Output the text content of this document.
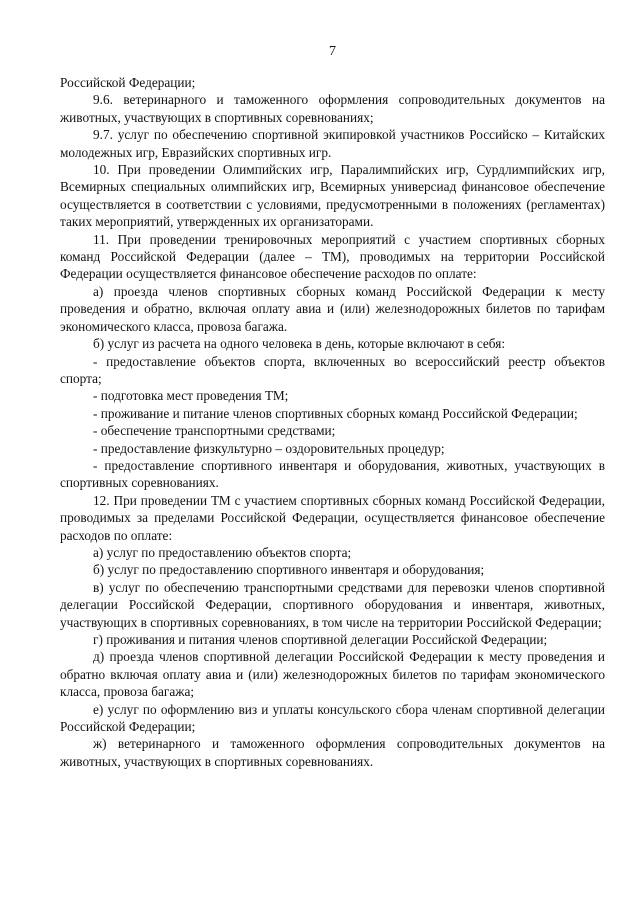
7

Российской Федерации;

9.6. ветеринарного и таможенного оформления сопроводительных документов на животных, участвующих в спортивных соревнованиях;

9.7. услуг по обеспечению спортивной экипировкой участников Российско – Китайских молодежных игр, Евразийских спортивных игр.

10. При проведении Олимпийских игр, Паралимпийских игр, Сурдлимпийских игр, Всемирных специальных олимпийских игр, Всемирных универсиад финансовое обеспечение осуществляется в соответствии с условиями, предусмотренными в положениях (регламентах) таких мероприятий, утвержденных их организаторами.

11. При проведении тренировочных мероприятий с участием спортивных сборных команд Российской Федерации (далее – ТМ), проводимых на территории Российской Федерации осуществляется финансовое обеспечение расходов по оплате:

а) проезда членов спортивных сборных команд Российской Федерации к месту проведения и обратно, включая оплату авиа и (или) железнодорожных билетов по тарифам экономического класса, провоза багажа.

б) услуг из расчета на одного человека в день, которые включают в себя:

- предоставление объектов спорта, включенных во всероссийский реестр объектов спорта;

- подготовка мест проведения ТМ;

- проживание и питание членов спортивных сборных команд Российской Федерации;

- обеспечение транспортными средствами;

- предоставление физкультурно – оздоровительных процедур;

- предоставление спортивного инвентаря и оборудования, животных, участвующих в спортивных соревнованиях.

12. При проведении ТМ с участием спортивных сборных команд Российской Федерации, проводимых за пределами Российской Федерации, осуществляется финансовое обеспечение расходов по оплате:

а) услуг по предоставлению объектов спорта;

б) услуг по предоставлению спортивного инвентаря и оборудования;

в) услуг по обеспечению транспортными средствами для перевозки членов спортивной делегации Российской Федерации, спортивного оборудования и инвентаря, животных, участвующих в спортивных соревнованиях, в том числе на территории Российской Федерации;

г) проживания и питания членов спортивной делегации Российской Федерации;

д) проезда членов спортивной делегации Российской Федерации к месту проведения и обратно включая оплату авиа и (или) железнодорожных билетов по тарифам экономического класса, провоза багажа;

е) услуг по оформлению виз и уплаты консульского сбора членам спортивной делегации Российской Федерации;

ж) ветеринарного и таможенного оформления сопроводительных документов на животных, участвующих в спортивных соревнованиях.
